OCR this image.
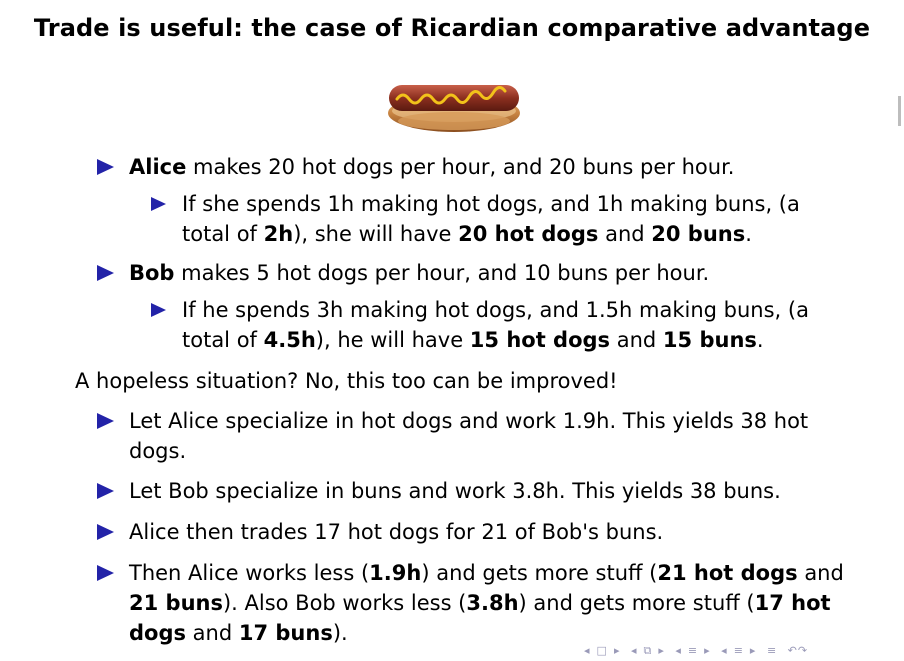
Trade is useful: the case of Ricardian comparative advantage
Alice makes 20 hot dogs per hour, and 20 buns per hour.
If she spends 1h making hot dogs, and 1h making buns, (a
total of 2h), she will have 20 hot dogs and 20 buns.
Bob makes 5 hot dogs per hour, and 10 buns per hour.
If he spends 3h making hot dogs, and 1.5h making buns, (a
total of 4.5h), he will have 15 hot dogs and 15 buns.
A hopeless situation? No, this too can be improved!
Let Alice specialize in hot dogs and work 1.9h. This yields 38 hot
dogs.
Let Bob specialize in buns and work 3.8h. This yields 38 buns.
Alice then trades 17 hot dogs for 21 of Bob's buns.
Then Alice works less (1.9h) and gets more stuff (21 hot dogs and
21 buns). Also Bob works less (3.8h) and gets more stuff (17 hot
dogs and 17 buns).
◂ □ ▸ ◂ ⧉ ▸ ◂ ≡ ▸ ◂ ≡ ▸ ≡ ↶↷
